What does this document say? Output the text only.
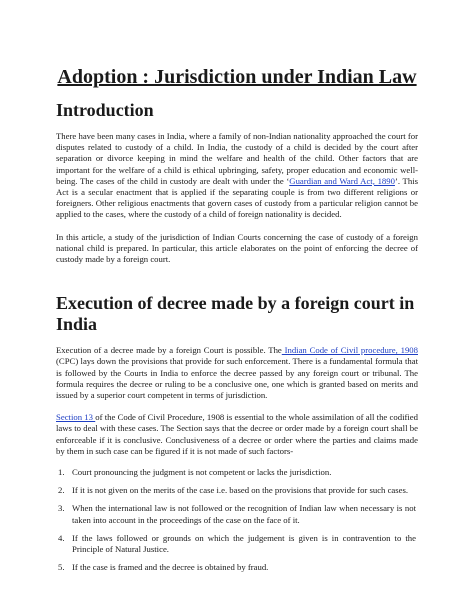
Adoption : Jurisdiction under Indian Law
Introduction

There have been many cases in India, where a family of non-Indian nationality approached the court for disputes related to custody of a child. In India, the custody of a child is decided by the court after separation or divorce keeping in mind the welfare and health of the child. Other factors that are important for the welfare of a child is ethical upbringing, safety, proper education and economic well-being. The cases of the child in custody are dealt with under the ‘Guardian and Ward Act, 1890’. This Act is a secular enactment that is applied if the separating couple is from two different religions or foreigners. Other religious enactments that govern cases of custody from a particular religion cannot be applied to the cases, where the custody of a child of foreign nationality is decided.

In this article, a study of the jurisdiction of Indian Courts concerning the case of custody of a foreign national child is prepared. In particular, this article elaborates on the point of enforcing the decree of custody made by a foreign court.

Execution of decree made by a foreign court in India

Execution of a decree made by a foreign Court is possible. The Indian Code of Civil procedure, 1908 (CPC) lays down the provisions that provide for such enforcement. There is a fundamental formula that is followed by the Courts in India to enforce the decree passed by any foreign court or tribunal. The formula requires the decree or ruling to be a conclusive one, one which is granted based on merits and issued by a superior court competent in terms of jurisdiction.

Section 13 of the Code of Civil Procedure, 1908 is essential to the whole assimilation of all the codified laws to deal with these cases. The Section says that the decree or order made by a foreign court shall be enforceable if it is conclusive. Conclusiveness of a decree or order where the parties and claims made by them in such case can be figured if it is not made of such factors-

1. Court pronouncing the judgment is not competent or lacks the jurisdiction.
2. If it is not given on the merits of the case i.e. based on the provisions that provide for such cases.
3. When the international law is not followed or the recognition of Indian law when necessary is not taken into account in the proceedings of the case on the face of it.
4. If the laws followed or grounds on which the judgement is given is in contravention to the Principle of Natural Justice.
5. If the case is framed and the decree is obtained by fraud.
